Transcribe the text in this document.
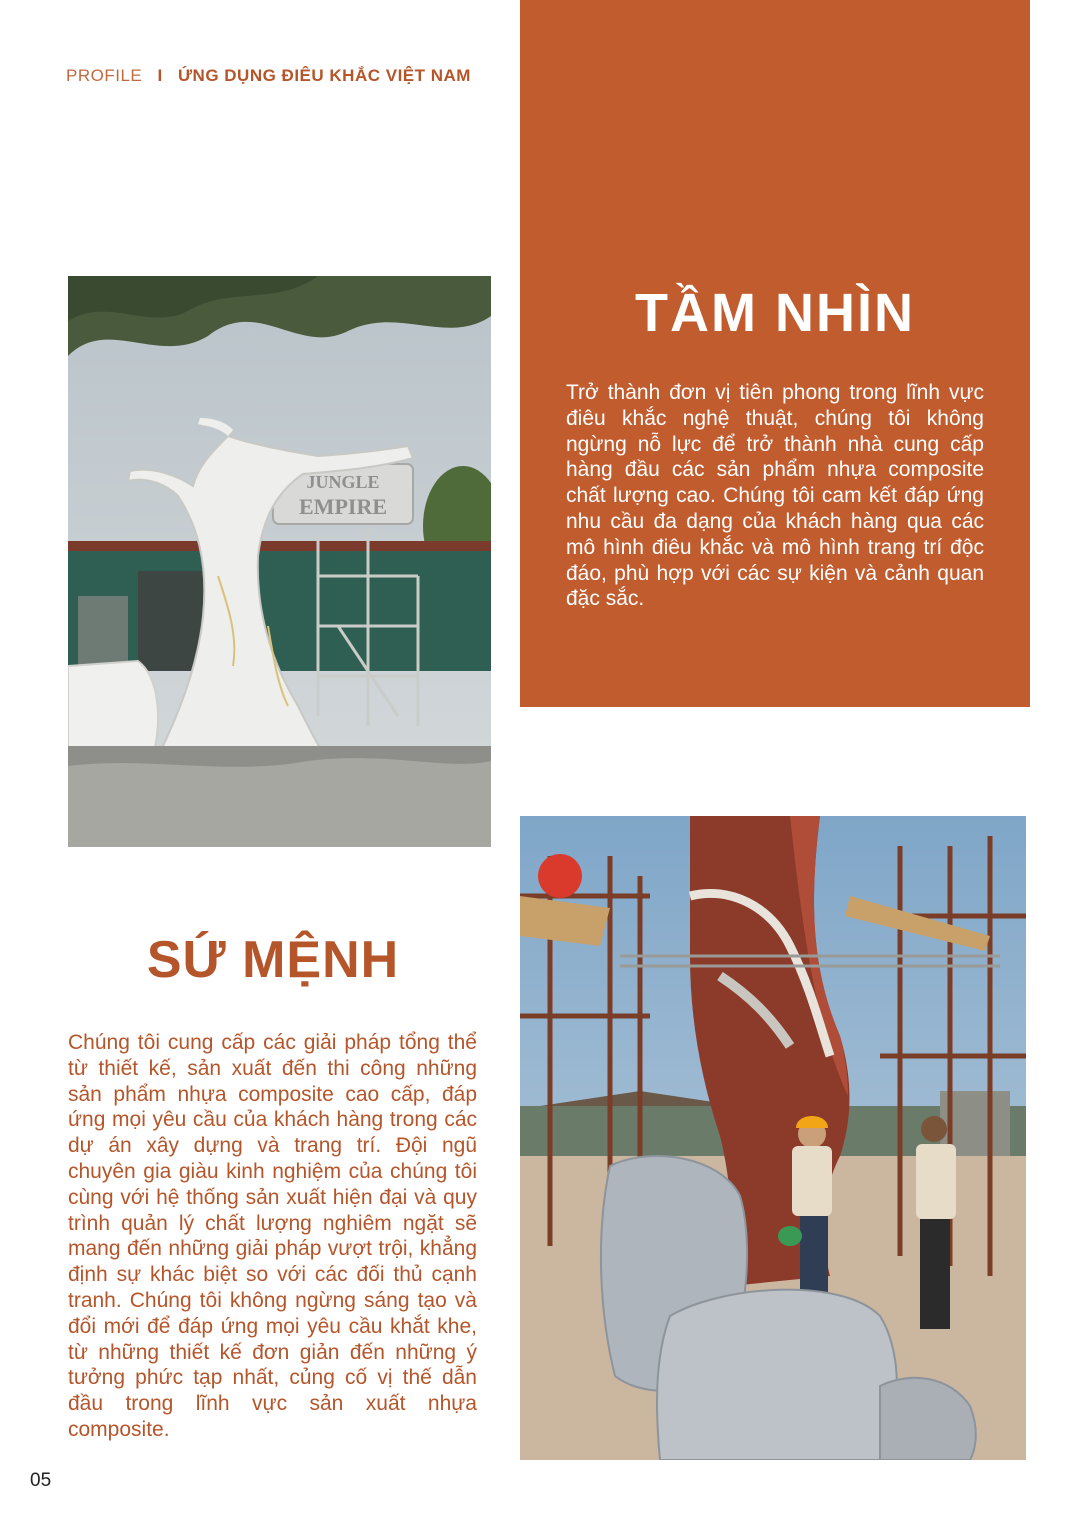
PROFILE I ỨNG DỤNG ĐIÊU KHẮC VIỆT NAM
TẦM NHÌN
Trở thành đơn vị tiên phong trong lĩnh vực điêu khắc nghệ thuật, chúng tôi không ngừng nỗ lực để trở thành nhà cung cấp hàng đầu các sản phẩm nhựa composite chất lượng cao. Chúng tôi cam kết đáp ứng nhu cầu đa dạng của khách hàng qua các mô hình điêu khắc và mô hình trang trí độc đáo, phù hợp với các sự kiện và cảnh quan đặc sắc.
JUNGLE
EMPIRE
SỨ MỆNH
Chúng tôi cung cấp các giải pháp tổng thể từ thiết kế, sản xuất đến thi công những sản phẩm nhựa composite cao cấp, đáp ứng mọi yêu cầu của khách hàng trong các dự án xây dựng và trang trí. Đội ngũ chuyên gia giàu kinh nghiệm của chúng tôi cùng với hệ thống sản xuất hiện đại và quy trình quản lý chất lượng nghiêm ngặt sẽ mang đến những giải pháp vượt trội, khẳng định sự khác biệt so với các đối thủ cạnh tranh. Chúng tôi không ngừng sáng tạo và đổi mới để đáp ứng mọi yêu cầu khắt khe, từ những thiết kế đơn giản đến những ý tưởng phức tạp nhất, củng cố vị thế dẫn đầu trong lĩnh vực sản xuất nhựa composite.
05
